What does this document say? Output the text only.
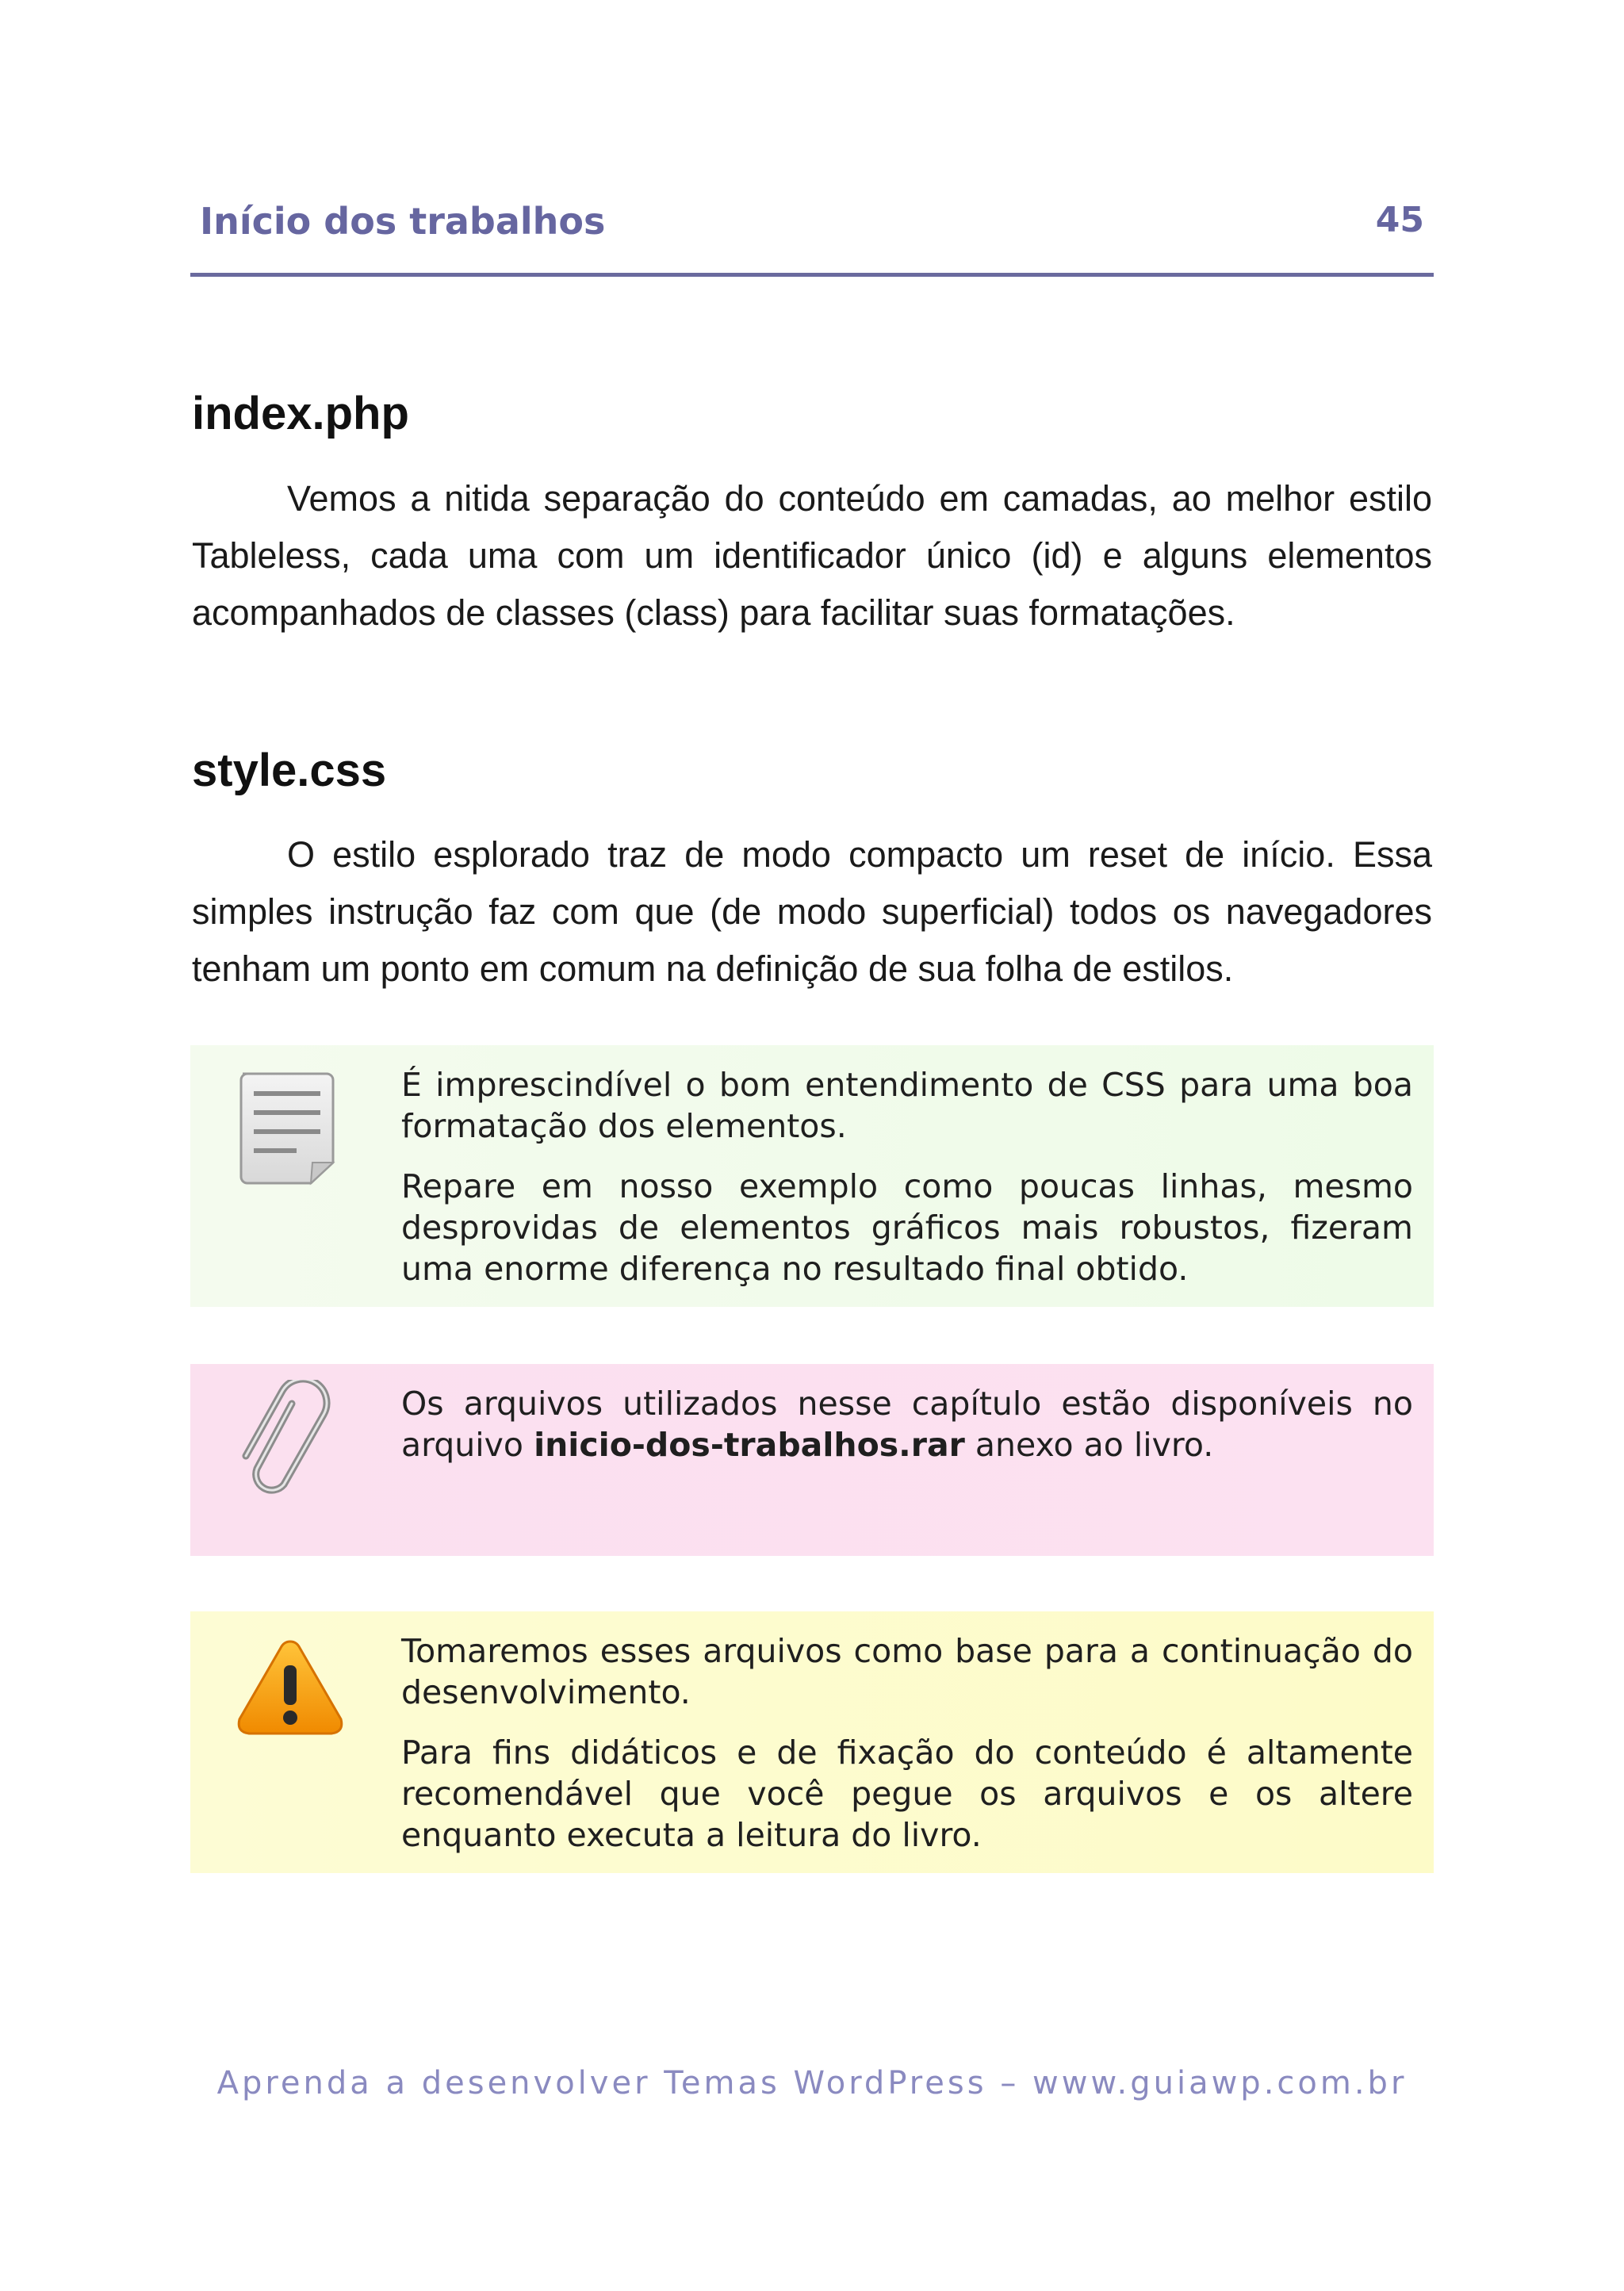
Início dos trabalhos	45
index.php

Vemos a nitida separação do conteúdo em camadas, ao melhor estilo Tableless, cada uma com um identificador único (id) e alguns elementos acompanhados de classes (class) para facilitar suas formatações.

style.css

O estilo esplorado traz de modo compacto um reset de início. Essa simples instrução faz com que (de modo superficial) todos os navegadores tenham um ponto em comum na definição de sua folha de estilos.

É imprescindível o bom entendimento de CSS para uma boa formatação dos elementos.

Repare em nosso exemplo como poucas linhas, mesmo desprovidas de elementos gráficos mais robustos, fizeram uma enorme diferença no resultado final obtido.

Os arquivos utilizados nesse capítulo estão disponíveis no arquivo inicio-dos-trabalhos.rar anexo ao livro.

Tomaremos esses arquivos como base para a continuação do desenvolvimento.

Para fins didáticos e de fixação do conteúdo é altamente recomendável que você pegue os arquivos e os altere enquanto executa a leitura do livro.

Aprenda a desenvolver Temas WordPress – www.guiawp.com.br
